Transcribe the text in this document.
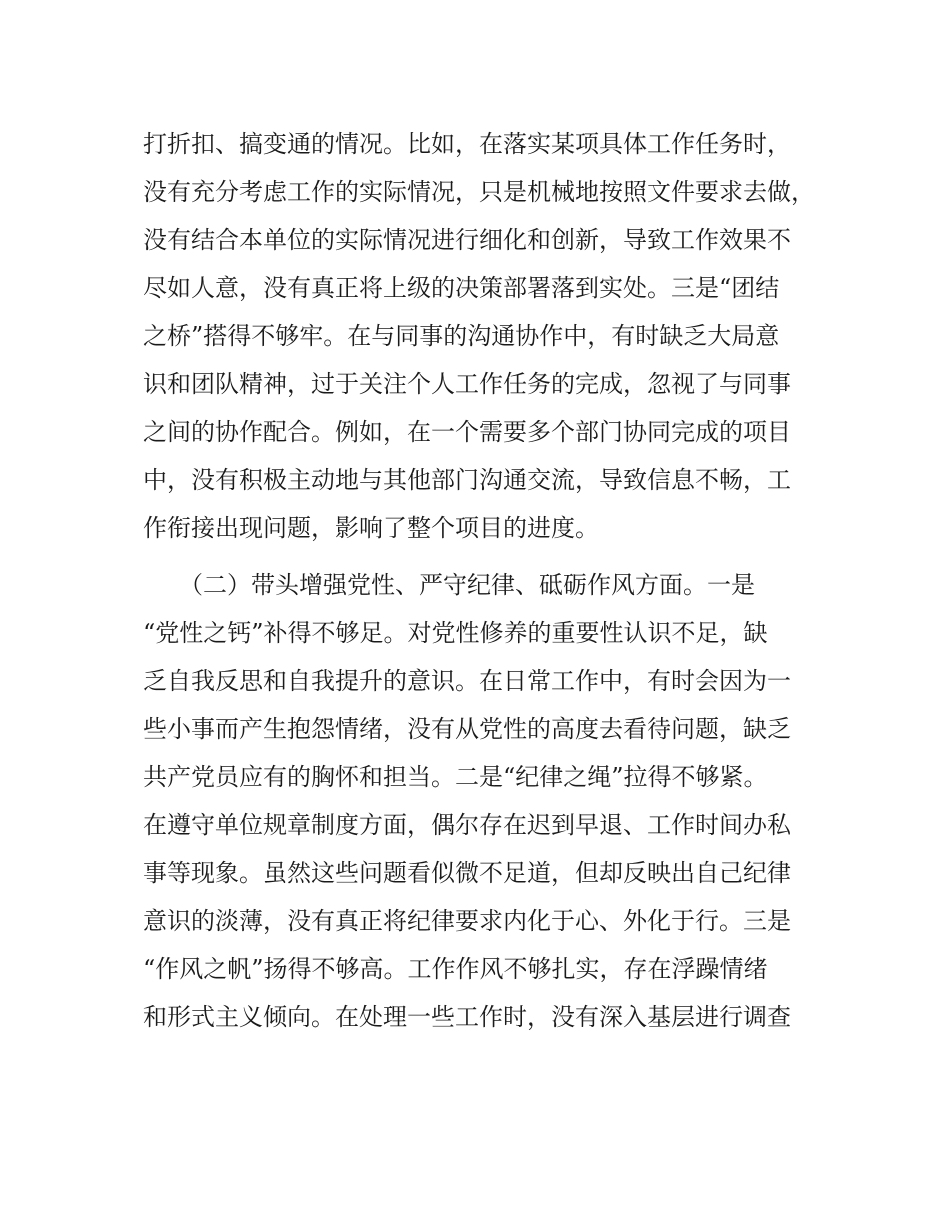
打折扣、搞变通的情况。比如，在落实某项具体工作任务时，
没有充分考虑工作的实际情况，只是机械地按照文件要求去做，
没有结合本单位的实际情况进行细化和创新，导致工作效果不
尽如人意，没有真正将上级的决策部署落到实处。三是“团结
之桥”搭得不够牢。在与同事的沟通协作中，有时缺乏大局意
识和团队精神，过于关注个人工作任务的完成，忽视了与同事
之间的协作配合。例如，在一个需要多个部门协同完成的项目
中，没有积极主动地与其他部门沟通交流，导致信息不畅，工
作衔接出现问题，影响了整个项目的进度。
　　（二）带头增强党性、严守纪律、砥砺作风方面。一是
“党性之钙”补得不够足。对党性修养的重要性认识不足，缺
乏自我反思和自我提升的意识。在日常工作中，有时会因为一
些小事而产生抱怨情绪，没有从党性的高度去看待问题，缺乏
共产党员应有的胸怀和担当。二是“纪律之绳”拉得不够紧。
在遵守单位规章制度方面，偶尔存在迟到早退、工作时间办私
事等现象。虽然这些问题看似微不足道，但却反映出自己纪律
意识的淡薄，没有真正将纪律要求内化于心、外化于行。三是
“作风之帆”扬得不够高。工作作风不够扎实，存在浮躁情绪
和形式主义倾向。在处理一些工作时，没有深入基层进行调查
